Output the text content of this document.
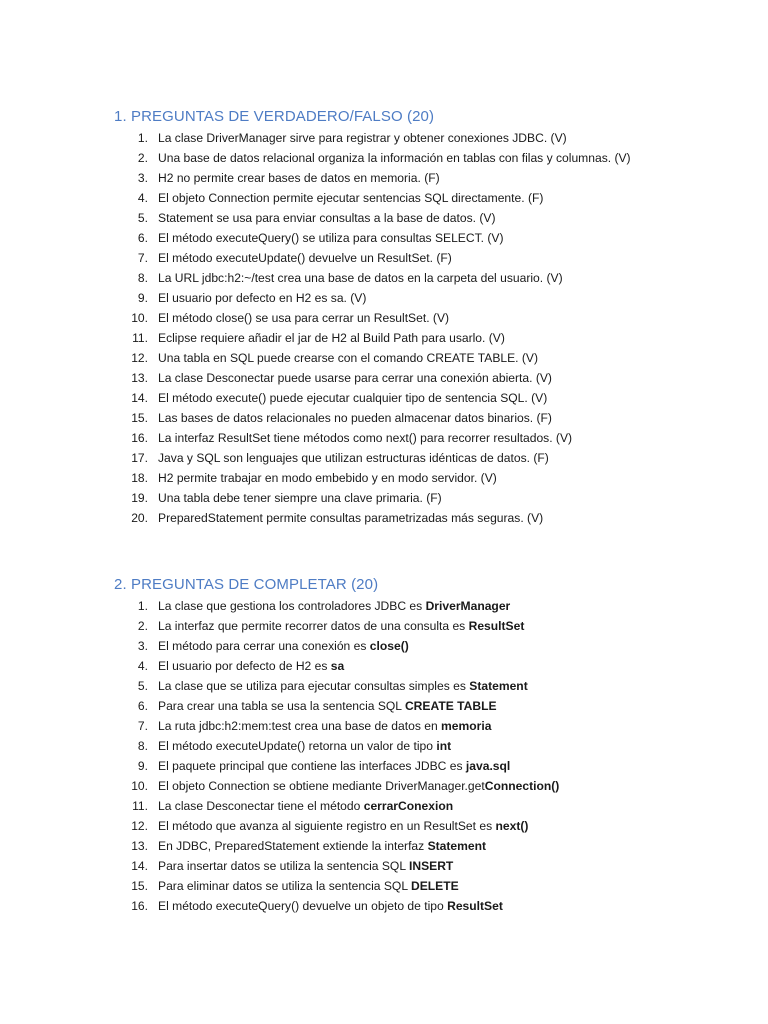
1. PREGUNTAS DE VERDADERO/FALSO (20)
1. La clase DriverManager sirve para registrar y obtener conexiones JDBC. (V)
2. Una base de datos relacional organiza la información en tablas con filas y columnas. (V)
3. H2 no permite crear bases de datos en memoria. (F)
4. El objeto Connection permite ejecutar sentencias SQL directamente. (F)
5. Statement se usa para enviar consultas a la base de datos. (V)
6. El método executeQuery() se utiliza para consultas SELECT. (V)
7. El método executeUpdate() devuelve un ResultSet. (F)
8. La URL jdbc:h2:~/test crea una base de datos en la carpeta del usuario. (V)
9. El usuario por defecto en H2 es sa. (V)
10. El método close() se usa para cerrar un ResultSet. (V)
11. Eclipse requiere añadir el jar de H2 al Build Path para usarlo. (V)
12. Una tabla en SQL puede crearse con el comando CREATE TABLE. (V)
13. La clase Desconectar puede usarse para cerrar una conexión abierta. (V)
14. El método execute() puede ejecutar cualquier tipo de sentencia SQL. (V)
15. Las bases de datos relacionales no pueden almacenar datos binarios. (F)
16. La interfaz ResultSet tiene métodos como next() para recorrer resultados. (V)
17. Java y SQL son lenguajes que utilizan estructuras idénticas de datos. (F)
18. H2 permite trabajar en modo embebido y en modo servidor. (V)
19. Una tabla debe tener siempre una clave primaria. (F)
20. PreparedStatement permite consultas parametrizadas más seguras. (V)
2. PREGUNTAS DE COMPLETAR (20)
1. La clase que gestiona los controladores JDBC es DriverManager
2. La interfaz que permite recorrer datos de una consulta es ResultSet
3. El método para cerrar una conexión es close()
4. El usuario por defecto de H2 es sa
5. La clase que se utiliza para ejecutar consultas simples es Statement
6. Para crear una tabla se usa la sentencia SQL CREATE TABLE
7. La ruta jdbc:h2:mem:test crea una base de datos en memoria
8. El método executeUpdate() retorna un valor de tipo int
9. El paquete principal que contiene las interfaces JDBC es java.sql
10. El objeto Connection se obtiene mediante DriverManager.getConnection()
11. La clase Desconectar tiene el método cerrarConexion
12. El método que avanza al siguiente registro en un ResultSet es next()
13. En JDBC, PreparedStatement extiende la interfaz Statement
14. Para insertar datos se utiliza la sentencia SQL INSERT
15. Para eliminar datos se utiliza la sentencia SQL DELETE
16. El método executeQuery() devuelve un objeto de tipo ResultSet
